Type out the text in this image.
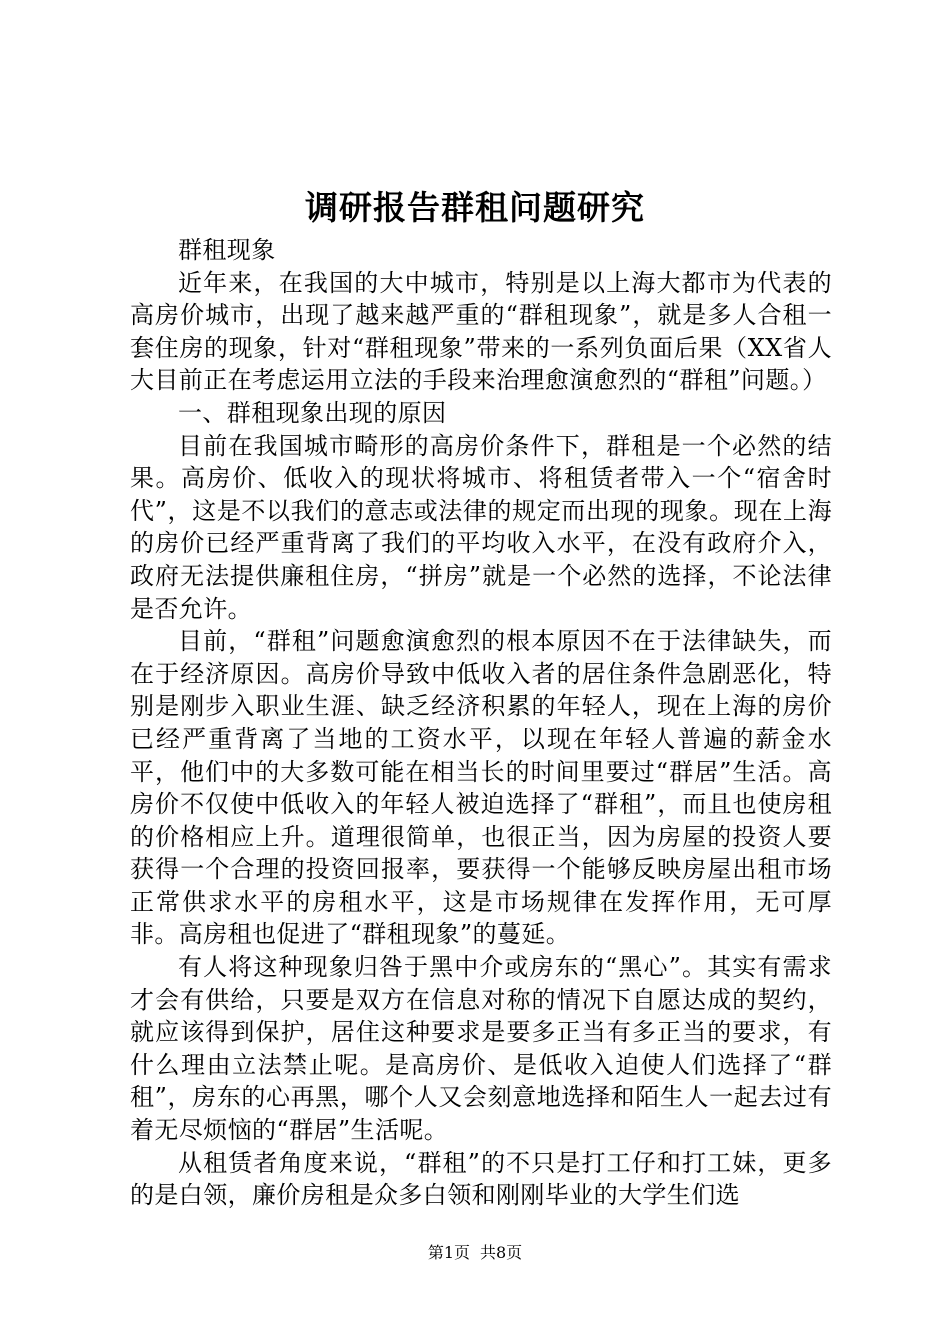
调研报告群租问题研究

群租现象

近年来，在我国的大中城市，特别是以上海大都市为代表的高房价城市，出现了越来越严重的“群租现象”，就是多人合租一套住房的现象，针对“群租现象”带来的一系列负面后果（XX省人大目前正在考虑运用立法的手段来治理愈演愈烈的“群租”问题。）

一、群租现象出现的原因

目前在我国城市畸形的高房价条件下，群租是一个必然的结果。高房价、低收入的现状将城市、将租赁者带入一个“宿舍时代”，这是不以我们的意志或法律的规定而出现的现象。现在上海的房价已经严重背离了我们的平均收入水平，在没有政府介入，政府无法提供廉租住房，“拼房”就是一个必然的选择，不论法律是否允许。

目前，“群租”问题愈演愈烈的根本原因不在于法律缺失，而在于经济原因。高房价导致中低收入者的居住条件急剧恶化，特别是刚步入职业生涯、缺乏经济积累的年轻人，现在上海的房价已经严重背离了当地的工资水平，以现在年轻人普遍的薪金水平，他们中的大多数可能在相当长的时间里要过“群居”生活。高房价不仅使中低收入的年轻人被迫选择了“群租”，而且也使房租的价格相应上升。道理很简单，也很正当，因为房屋的投资人要获得一个合理的投资回报率，要获得一个能够反映房屋出租市场正常供求水平的房租水平，这是市场规律在发挥作用，无可厚非。高房租也促进了“群租现象”的蔓延。

有人将这种现象归咎于黑中介或房东的“黑心”。其实有需求才会有供给，只要是双方在信息对称的情况下自愿达成的契约，就应该得到保护，居住这种要求是要多正当有多正当的要求，有什么理由立法禁止呢。是高房价、是低收入迫使人们选择了“群租”，房东的心再黑，哪个人又会刻意地选择和陌生人一起去过有着无尽烦恼的“群居”生活呢。

从租赁者角度来说，“群租”的不只是打工仔和打工妹，更多的是白领，廉价房租是众多白领和刚刚毕业的大学生们选

第1页 共8页
